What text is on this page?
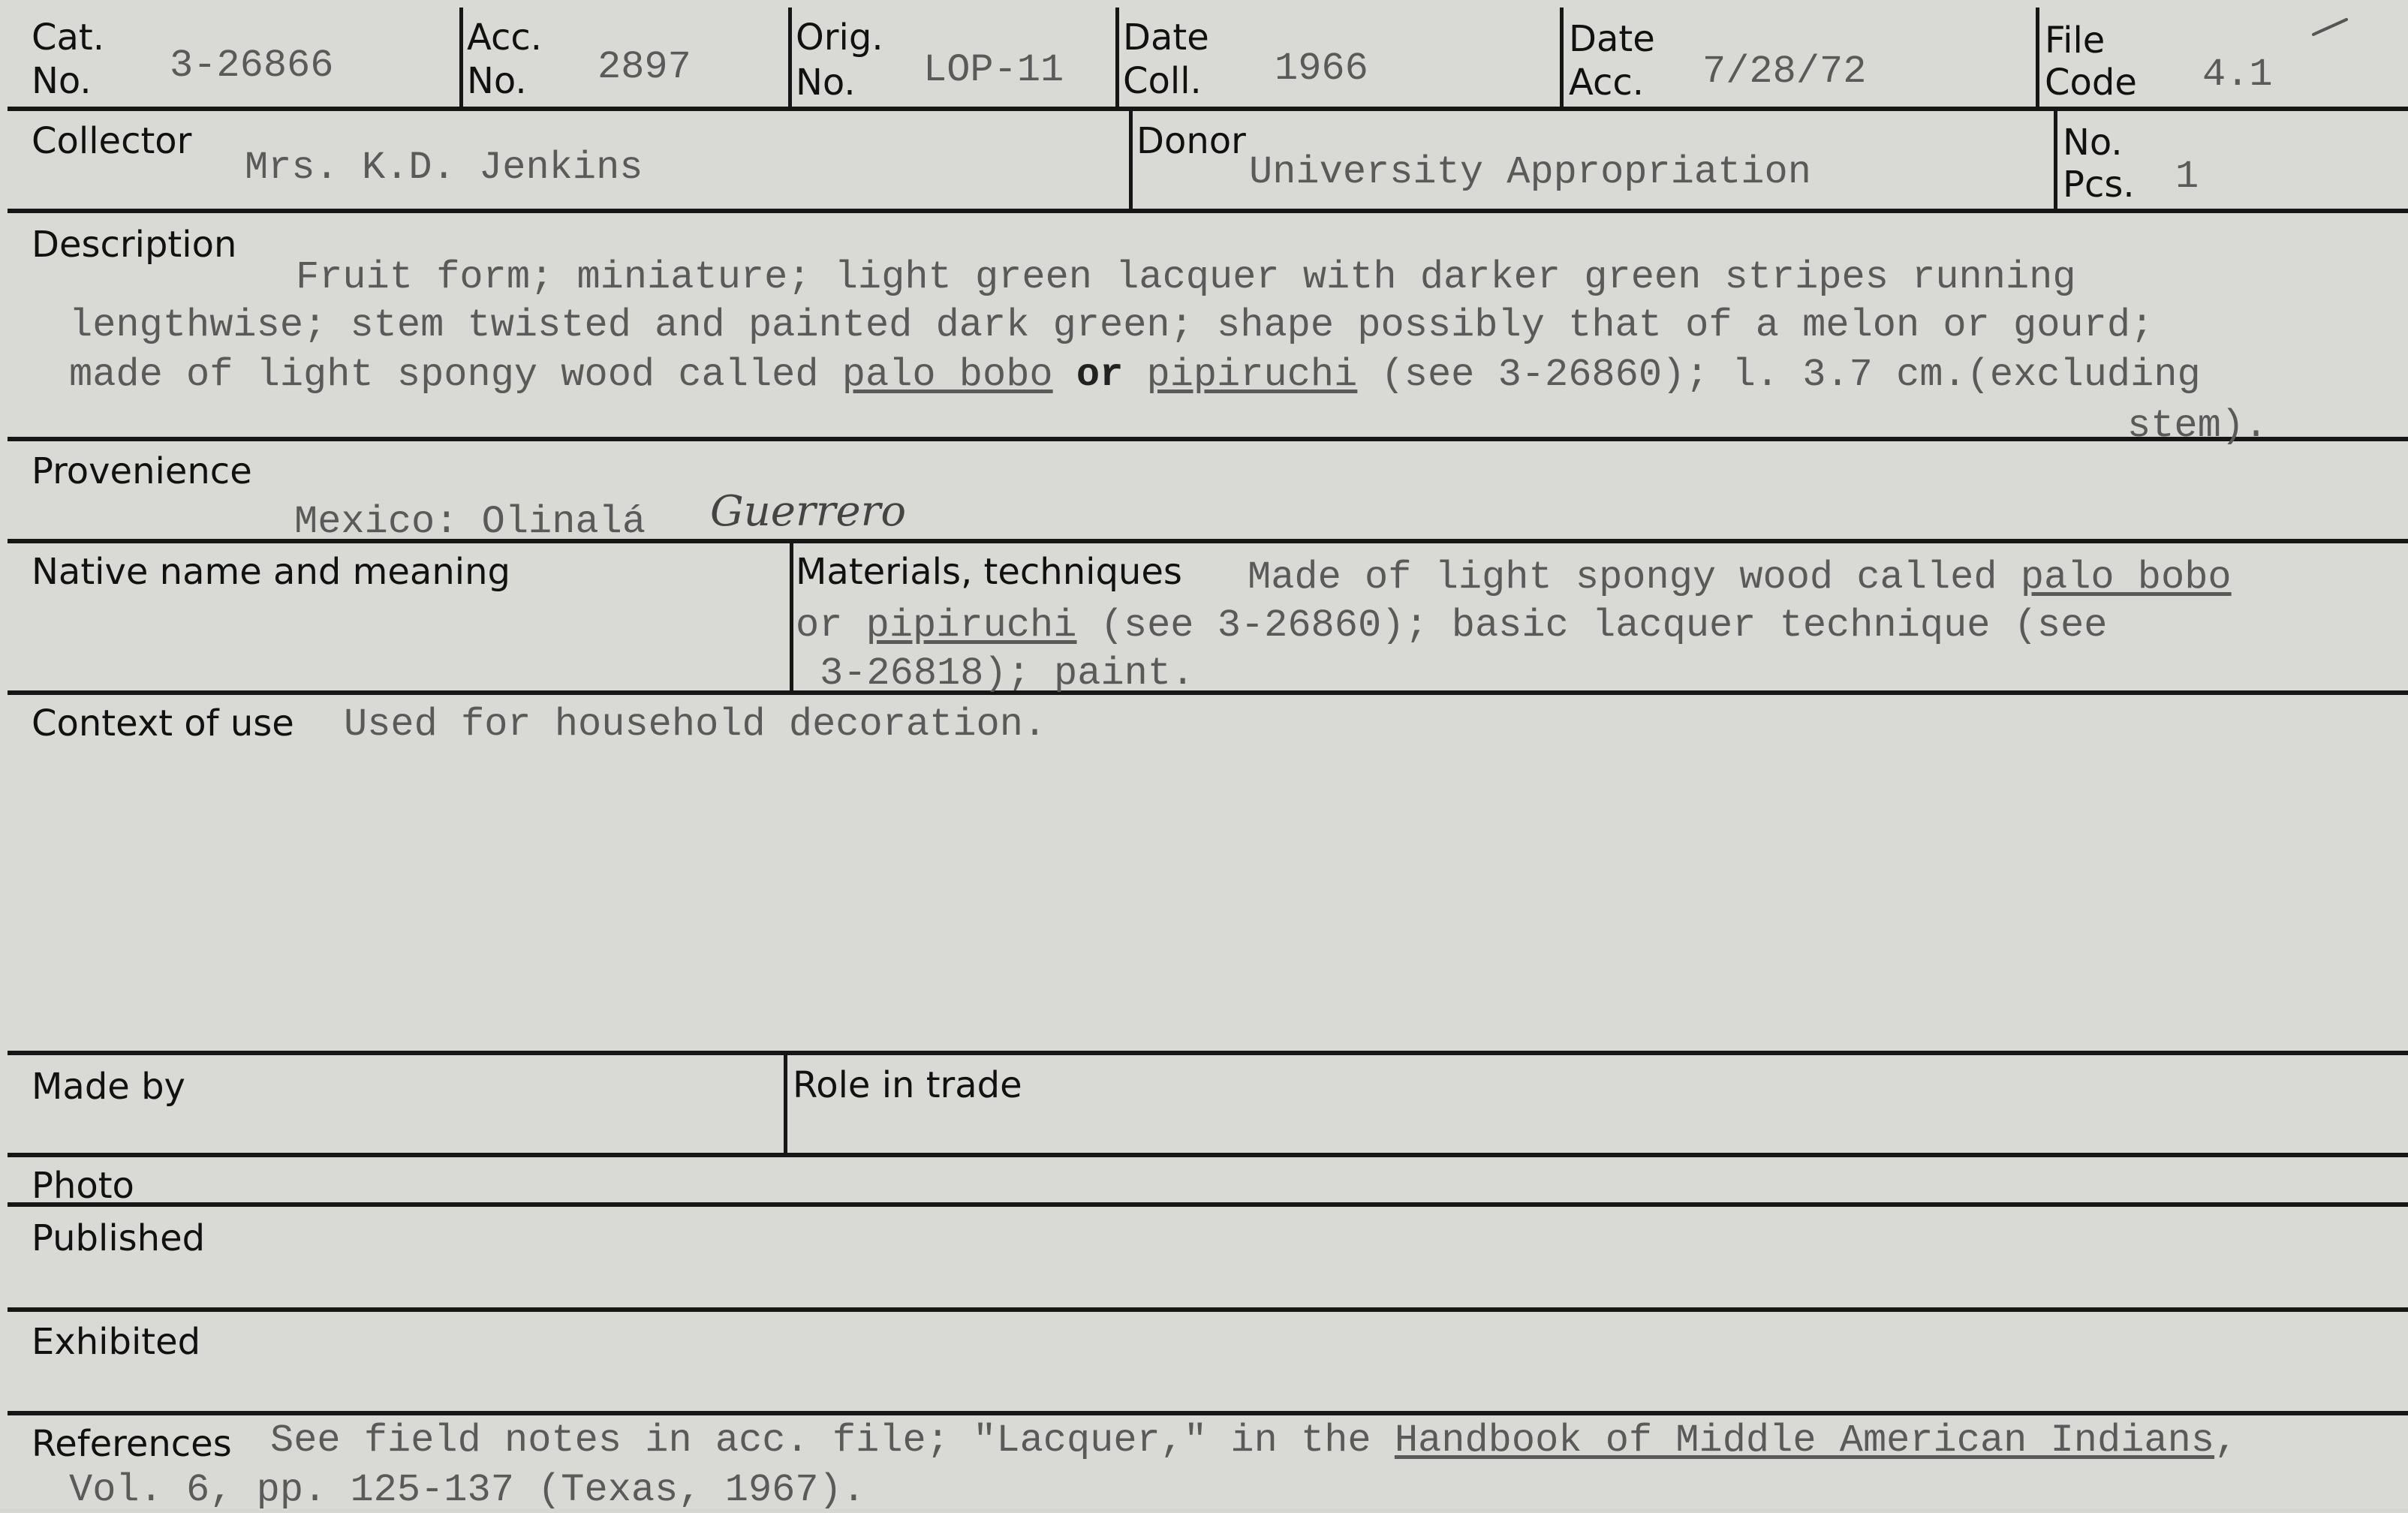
Cat.
No. 3-26866
Acc.
No. 2897
Orig.
No. LOP-11
Date
Coll. 1966
Date
Acc. 7/28/72
File
Code 4.1
Collector
Mrs. K.D. Jenkins
Donor
University Appropriation
No.
Pcs. 1
Description
Fruit form; miniature; light green lacquer with darker green stripes running
lengthwise; stem twisted and painted dark green; shape possibly that of a melon or gourd;
made of light spongy wood called palo bobo or pipiruchi (see 3-26860); l. 3.7 cm.(excluding
stem).
Provenience
Mexico: Olinalá Guerrero
Native name and meaning	Materials, techniques Made of light spongy wood called palo bobo
or pipiruchi (see 3-26860); basic lacquer technique (see
3-26818); paint.
Context of use Used for household decoration.
Made by	Role in trade
Photo
Published
Exhibited
References See field notes in acc. file; "Lacquer," in the Handbook of Middle American Indians,
Vol. 6, pp. 125-137 (Texas, 1967).
